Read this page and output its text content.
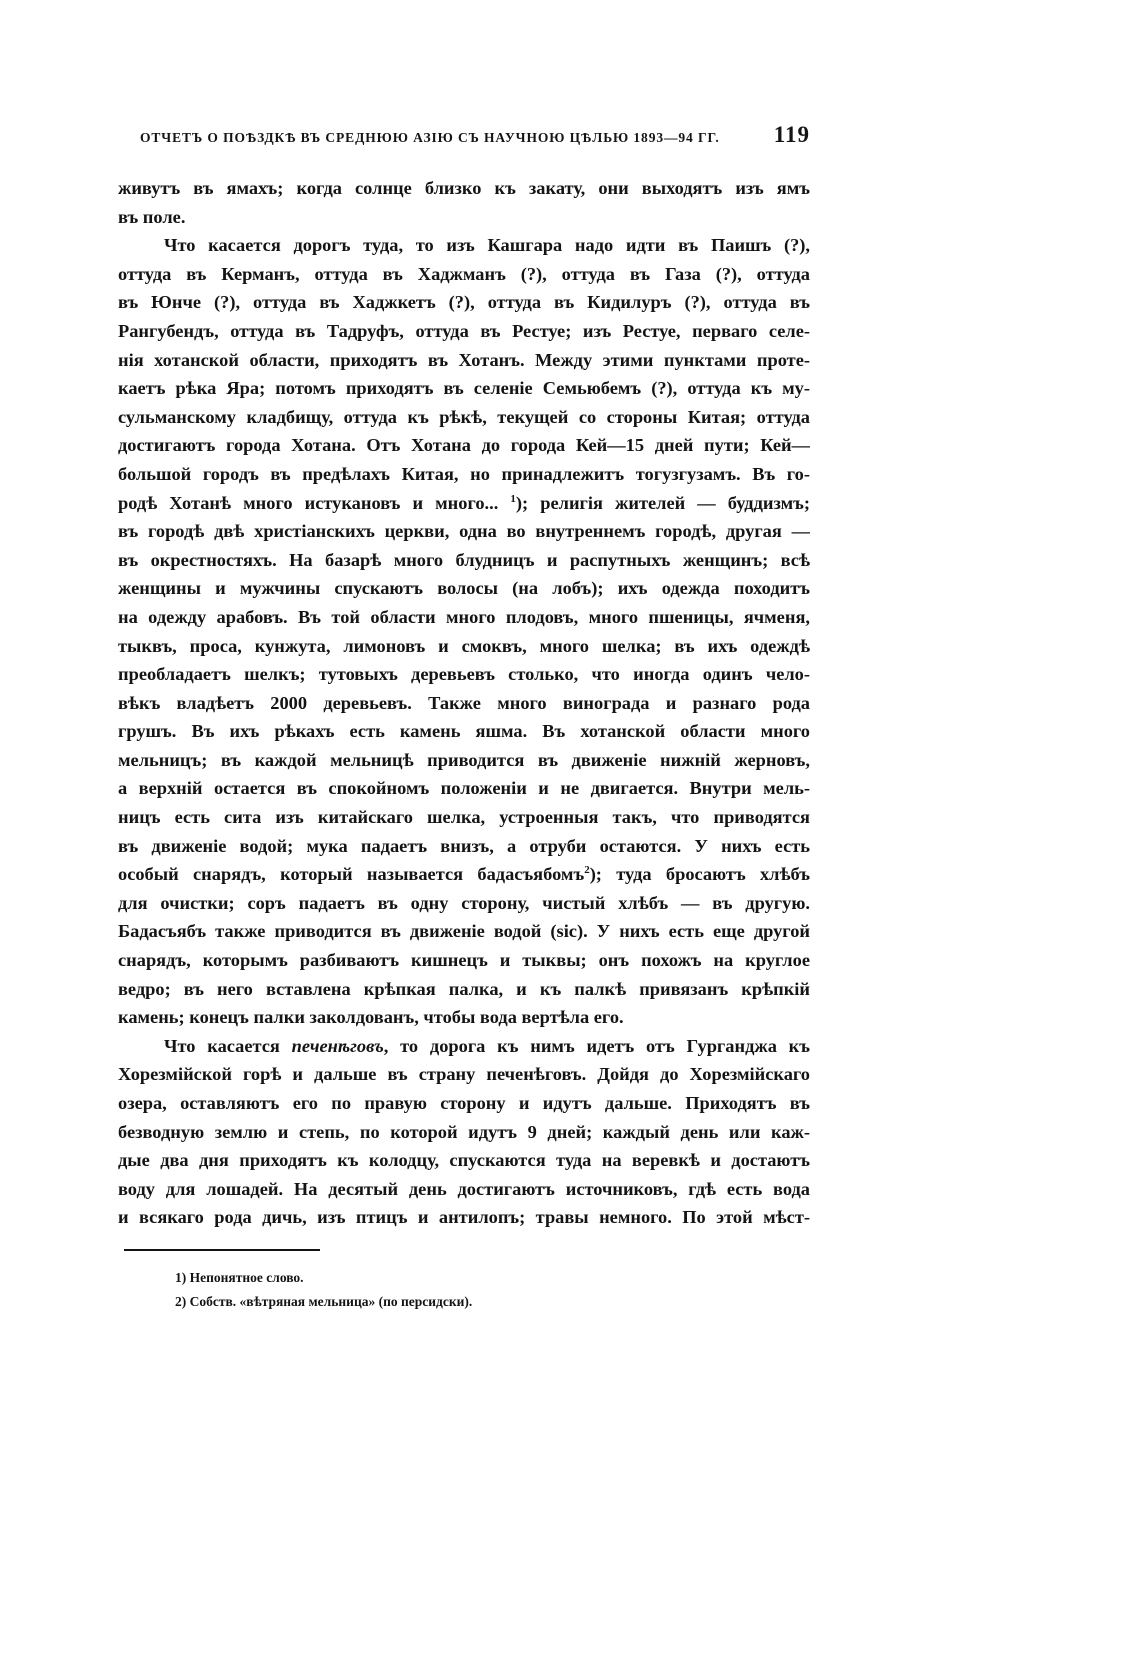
ОТЧЕТЪ О ПОѢЗДКѢ ВЪ СРЕДНЮЮ АЗІЮ СЪ НАУЧНОЮ ЦѢЛЬЮ 1893—94 ГГ. 119
живутъ въ ямахъ; когда солнце близко къ закату, они выходятъ изъ ямъ
въ поле.
Что касается дорогъ туда, то изъ Кашгара надо идти въ Паишъ (?),
оттуда въ Керманъ, оттуда въ Хаджманъ (?), оттуда въ Газа (?), оттуда
въ Юнче (?), оттуда въ Хаджкетъ (?), оттуда въ Кидилуръ (?), оттуда въ
Рангубендъ, оттуда въ Тадруфъ, оттуда въ Рестуе; изъ Рестуе, перваго селе-
нія хотанской области, приходятъ въ Хотанъ. Между этими пунктами проте-
каетъ рѣка Яра; потомъ приходятъ въ селеніе Семьюбемъ (?), оттуда къ му-
сульманскому кладбищу, оттуда къ рѣкѣ, текущей со стороны Китая; оттуда
достигаютъ города Хотана. Отъ Хотана до города Кей—15 дней пути; Кей—
большой городъ въ предѣлахъ Китая, но принадлежитъ тогузгузамъ. Въ го-
родѣ Хотанѣ много истукановъ и много... $^1$); религія жителей — буддизмъ;
въ городѣ двѣ христіанскихъ церкви, одна во внутреннемъ городѣ, другая —
въ окрестностяхъ. На базарѣ много блудницъ и распутныхъ женщинъ; всѣ
женщины и мужчины спускаютъ волосы (на лобъ); ихъ одежда походитъ
на одежду арабовъ. Въ той области много плодовъ, много пшеницы, ячменя,
тыквъ, проса, кунжута, лимоновъ и смоквъ, много шелка; въ ихъ одеждѣ
преобладаетъ шелкъ; тутовыхъ деревьевъ столько, что иногда одинъ чело-
вѣкъ владѣетъ 2000 деревьевъ. Также много винограда и разнаго рода
грушъ. Въ ихъ рѣкахъ есть камень яшма. Въ хотанской области много
мельницъ; въ каждой мельницѣ приводится въ движеніе нижній жерновъ,
а верхній остается въ спокойномъ положеніи и не двигается. Внутри мель-
ницъ есть сита изъ китайскаго шелка, устроенныя такъ, что приводятся
въ движеніе водой; мука падаетъ внизъ, а отруби остаются. У нихъ есть
особый снарядъ, который называется бадасъябомъ$^2$); туда бросаютъ хлѣбъ
для очистки; соръ падаетъ въ одну сторону, чистый хлѣбъ — въ другую.
Бадасъябъ также приводится въ движеніе водой (sic). У нихъ есть еще другой
снарядъ, которымъ разбиваютъ кишнецъ и тыквы; онъ похожъ на круглое
ведро; въ него вставлена крѣпкая палка, и къ палкѣ привязанъ крѣпкій
камень; конецъ палки заколдованъ, чтобы вода вертѣла его.
Что касается печенѣговъ, то дорога къ нимъ идетъ отъ Гурганджа къ
Хорезмійской горѣ и дальше въ страну печенѣговъ. Дойдя до Хорезмійскаго
озера, оставляютъ его по правую сторону и идутъ дальше. Приходятъ въ
безводную землю и степь, по которой идутъ 9 дней; каждый день или каж-
дые два дня приходятъ къ колодцу, спускаются туда на веревкѣ и достаютъ
воду для лошадей. На десятый день достигаютъ источниковъ, гдѣ есть вода
и всякаго рода дичь, изъ птицъ и антилопъ; травы немного. По этой мѣст-
1) Непонятное слово.
2) Собств. «вѣтряная мельница» (по персидски).
